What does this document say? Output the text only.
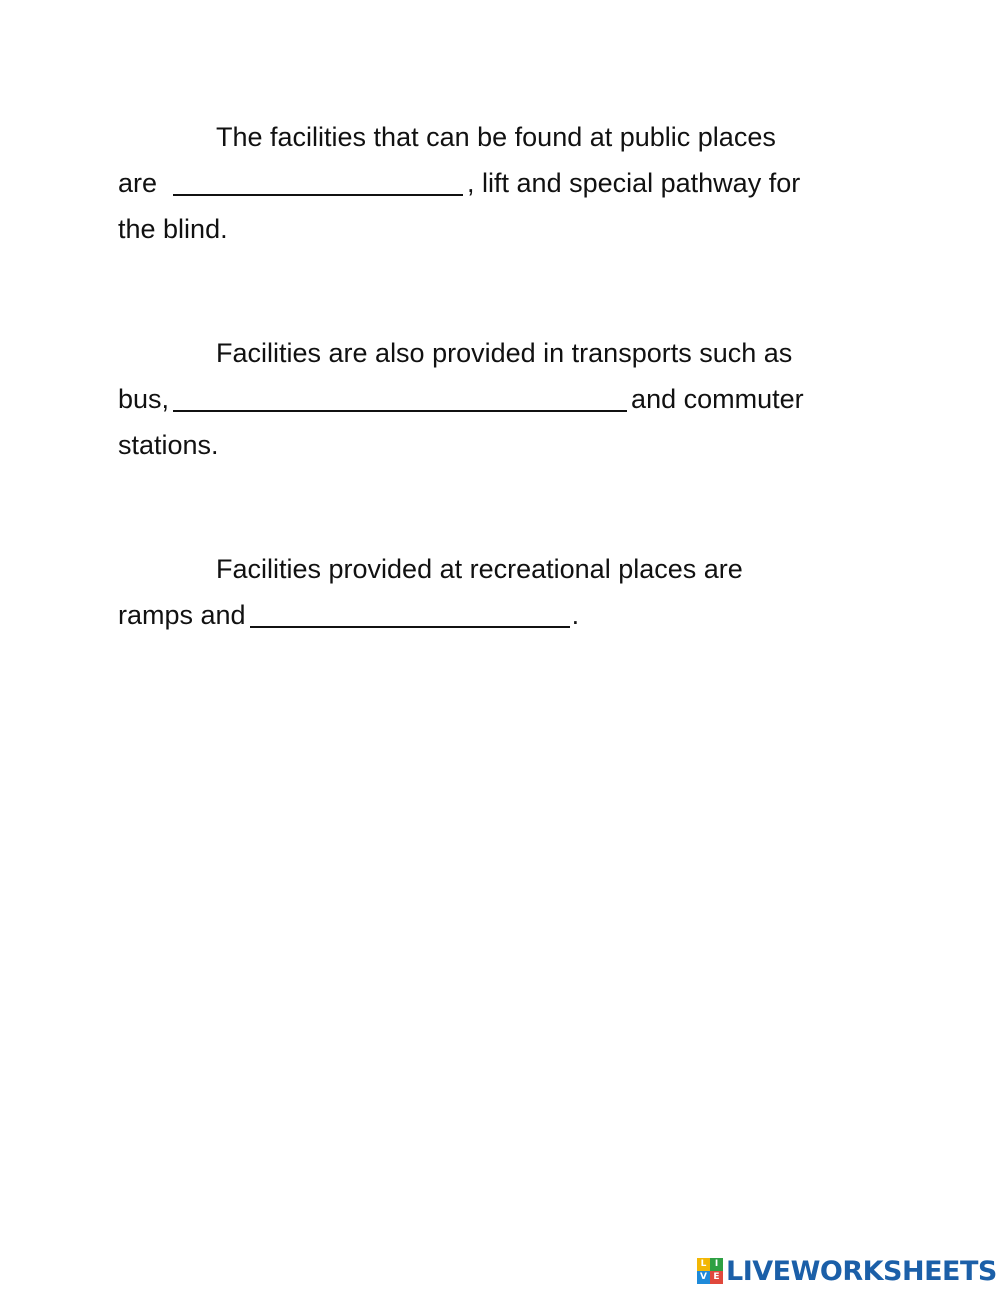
The facilities that can be found at public places
are	, lift and special pathway for
the blind.
Facilities are also provided in transports such as
bus,	and commuter
stations.
Facilities provided at recreational places are
ramps and	.
L I
V E LIVEWORKSHEETS
